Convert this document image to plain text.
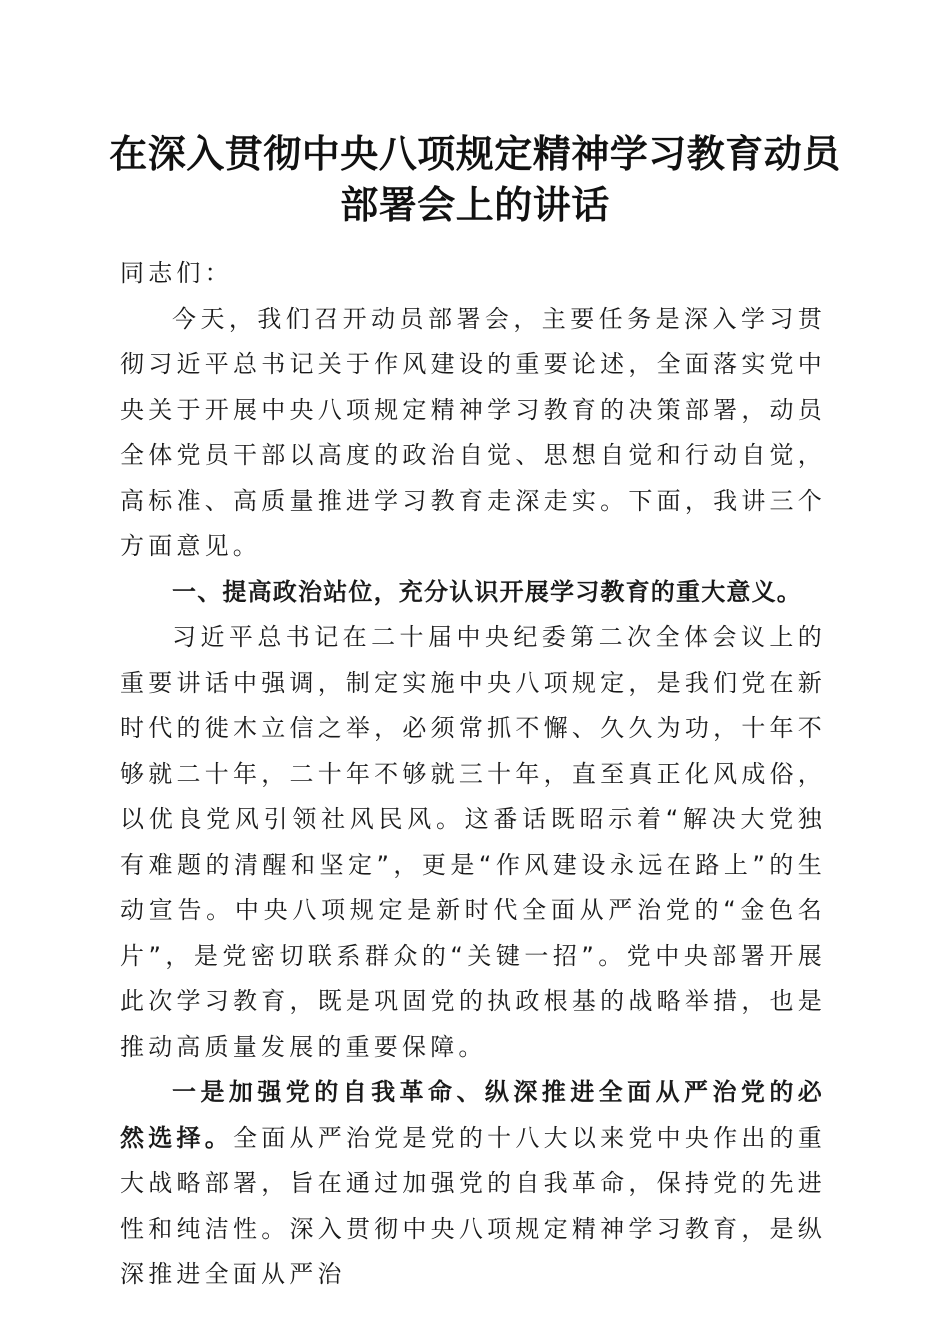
在深入贯彻中央八项规定精神学习教育动员部署会上的讲话

同志们：

今天，我们召开动员部署会，主要任务是深入学习贯彻习近平总书记关于作风建设的重要论述，全面落实党中央关于开展中央八项规定精神学习教育的决策部署，动员全体党员干部以高度的政治自觉、思想自觉和行动自觉，高标准、高质量推进学习教育走深走实。下面，我讲三个方面意见。

一、提高政治站位，充分认识开展学习教育的重大意义。

习近平总书记在二十届中央纪委第二次全体会议上的重要讲话中强调，制定实施中央八项规定，是我们党在新时代的徙木立信之举，必须常抓不懈、久久为功，十年不够就二十年，二十年不够就三十年，直至真正化风成俗，以优良党风引领社风民风。这番话既昭示着“解决大党独有难题的清醒和坚定”，更是“作风建设永远在路上”的生动宣告。中央八项规定是新时代全面从严治党的“金色名片”，是党密切联系群众的“关键一招”。党中央部署开展此次学习教育，既是巩固党的执政根基的战略举措，也是推动高质量发展的重要保障。

一是加强党的自我革命、纵深推进全面从严治党的必然选择。全面从严治党是党的十八大以来党中央作出的重大战略部署，旨在通过加强党的自我革命，保持党的先进性和纯洁性。深入贯彻中央八项规定精神学习教育，是纵深推进全面从严治
